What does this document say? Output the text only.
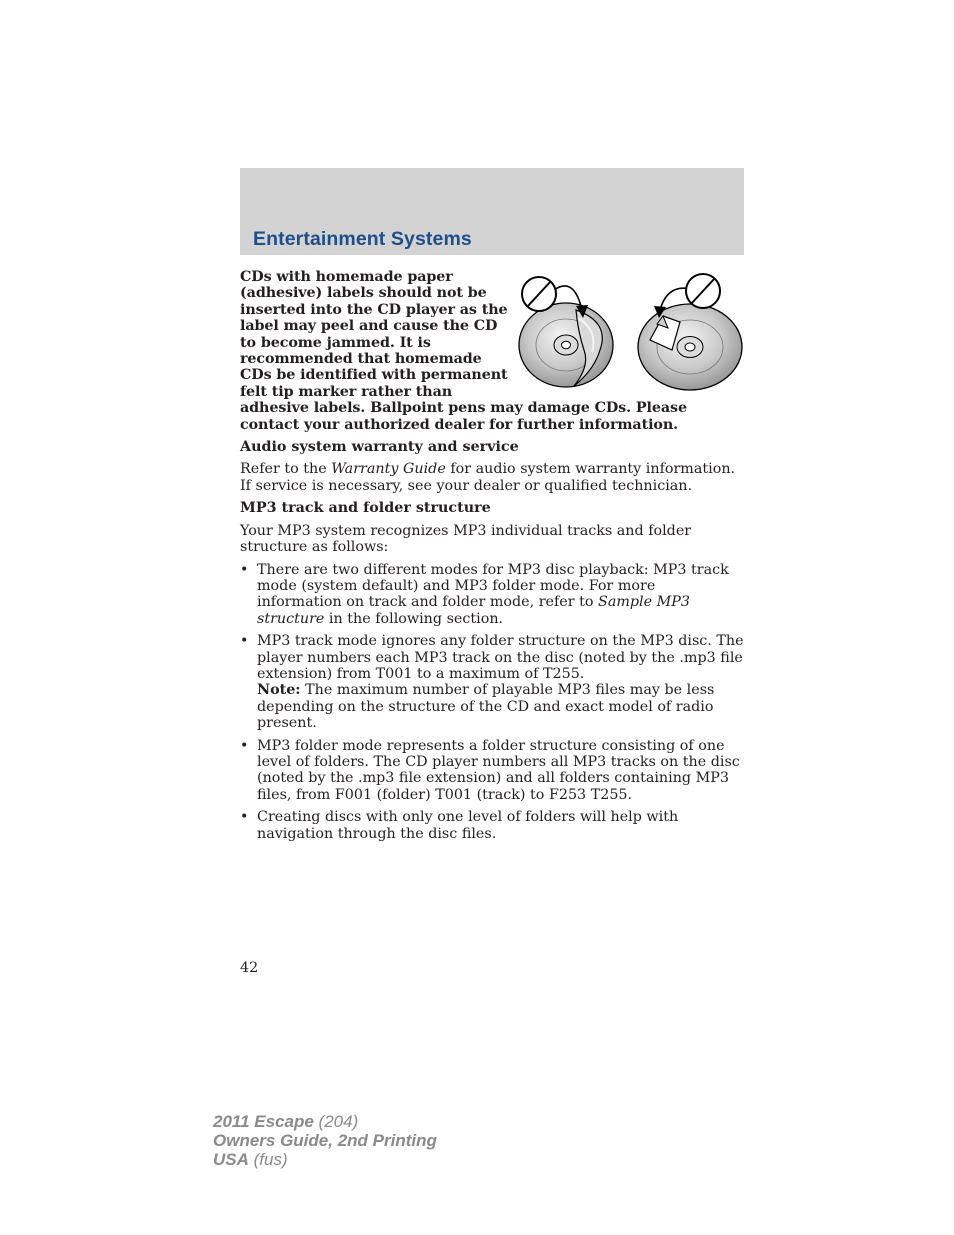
Entertainment Systems

CDs with homemade paper (adhesive) labels should not be inserted into the CD player as the label may peel and cause the CD to become jammed. It is recommended that homemade CDs be identified with permanent felt tip marker rather than adhesive labels. Ballpoint pens may damage CDs. Please contact your authorized dealer for further information.

Audio system warranty and service

Refer to the Warranty Guide for audio system warranty information. If service is necessary, see your dealer or qualified technician.

MP3 track and folder structure

Your MP3 system recognizes MP3 individual tracks and folder structure as follows:

• There are two different modes for MP3 disc playback: MP3 track mode (system default) and MP3 folder mode. For more information on track and folder mode, refer to Sample MP3 structure in the following section.
• MP3 track mode ignores any folder structure on the MP3 disc. The player numbers each MP3 track on the disc (noted by the .mp3 file extension) from T001 to a maximum of T255.
Note: The maximum number of playable MP3 files may be less depending on the structure of the CD and exact model of radio present.
• MP3 folder mode represents a folder structure consisting of one level of folders. The CD player numbers all MP3 tracks on the disc (noted by the .mp3 file extension) and all folders containing MP3 files, from F001 (folder) T001 (track) to F253 T255.
• Creating discs with only one level of folders will help with navigation through the disc files.
42
2011 Escape (204)
Owners Guide, 2nd Printing
USA (fus)
